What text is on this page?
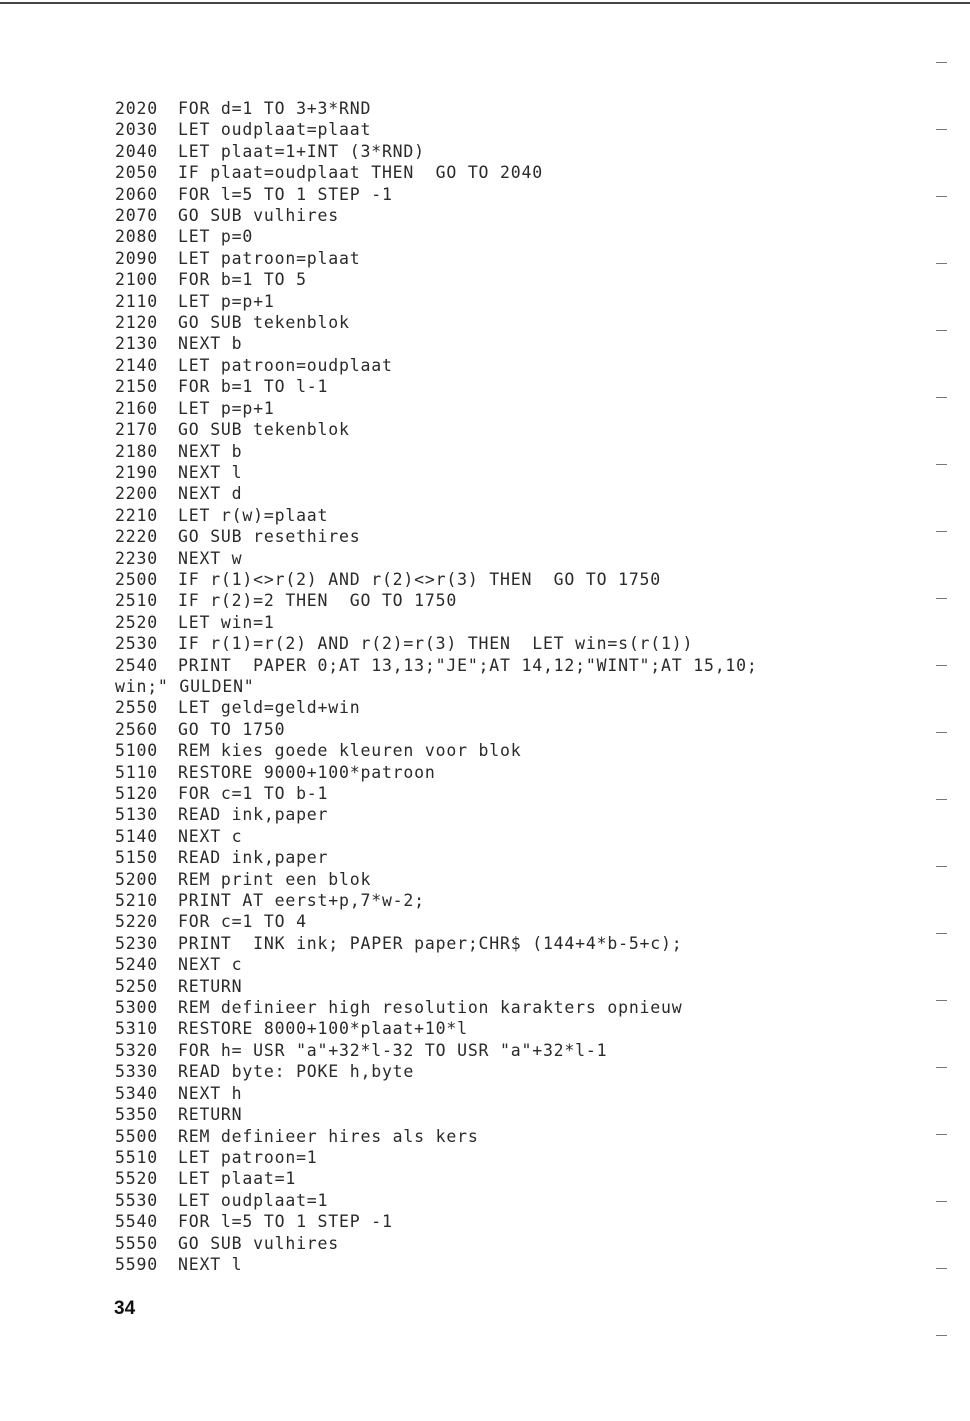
2020 FOR d=1 TO 3+3*RND
2030 LET oudplaat=plaat
2040 LET plaat=1+INT (3*RND)
2050 IF plaat=oudplaat THEN  GO TO 2040
2060 FOR l=5 TO 1 STEP -1
2070 GO SUB vulhires
2080 LET p=0
2090 LET patroon=plaat
2100 FOR b=1 TO 5
2110 LET p=p+1
2120 GO SUB tekenblok
2130 NEXT b
2140 LET patroon=oudplaat
2150 FOR b=1 TO l-1
2160 LET p=p+1
2170 GO SUB tekenblok
2180 NEXT b
2190 NEXT l
2200 NEXT d
2210 LET r(w)=plaat
2220 GO SUB resethires
2230 NEXT w
2500 IF r(1)<>r(2) AND r(2)<>r(3) THEN  GO TO 1750
2510 IF r(2)=2 THEN  GO TO 1750
2520 LET win=1
2530 IF r(1)=r(2) AND r(2)=r(3) THEN  LET win=s(r(1))
2540 PRINT  PAPER 0;AT 13,13;"JE";AT 14,12;"WINT";AT 15,10;
win;" GULDEN"
2550 LET geld=geld+win
2560 GO TO 1750
5100 REM kies goede kleuren voor blok
5110 RESTORE 9000+100*patroon
5120 FOR c=1 TO b-1
5130 READ ink,paper
5140 NEXT c
5150 READ ink,paper
5200 REM print een blok
5210 PRINT AT eerst+p,7*w-2;
5220 FOR c=1 TO 4
5230 PRINT  INK ink; PAPER paper;CHR$ (144+4*b-5+c);
5240 NEXT c
5250 RETURN
5300 REM definieer high resolution karakters opnieuw
5310 RESTORE 8000+100*plaat+10*l
5320 FOR h= USR "a"+32*l-32 TO USR "a"+32*l-1
5330 READ byte: POKE h,byte
5340 NEXT h
5350 RETURN
5500 REM definieer hires als kers
5510 LET patroon=1
5520 LET plaat=1
5530 LET oudplaat=1
5540 FOR l=5 TO 1 STEP -1
5550 GO SUB vulhires
5590 NEXT l
34
